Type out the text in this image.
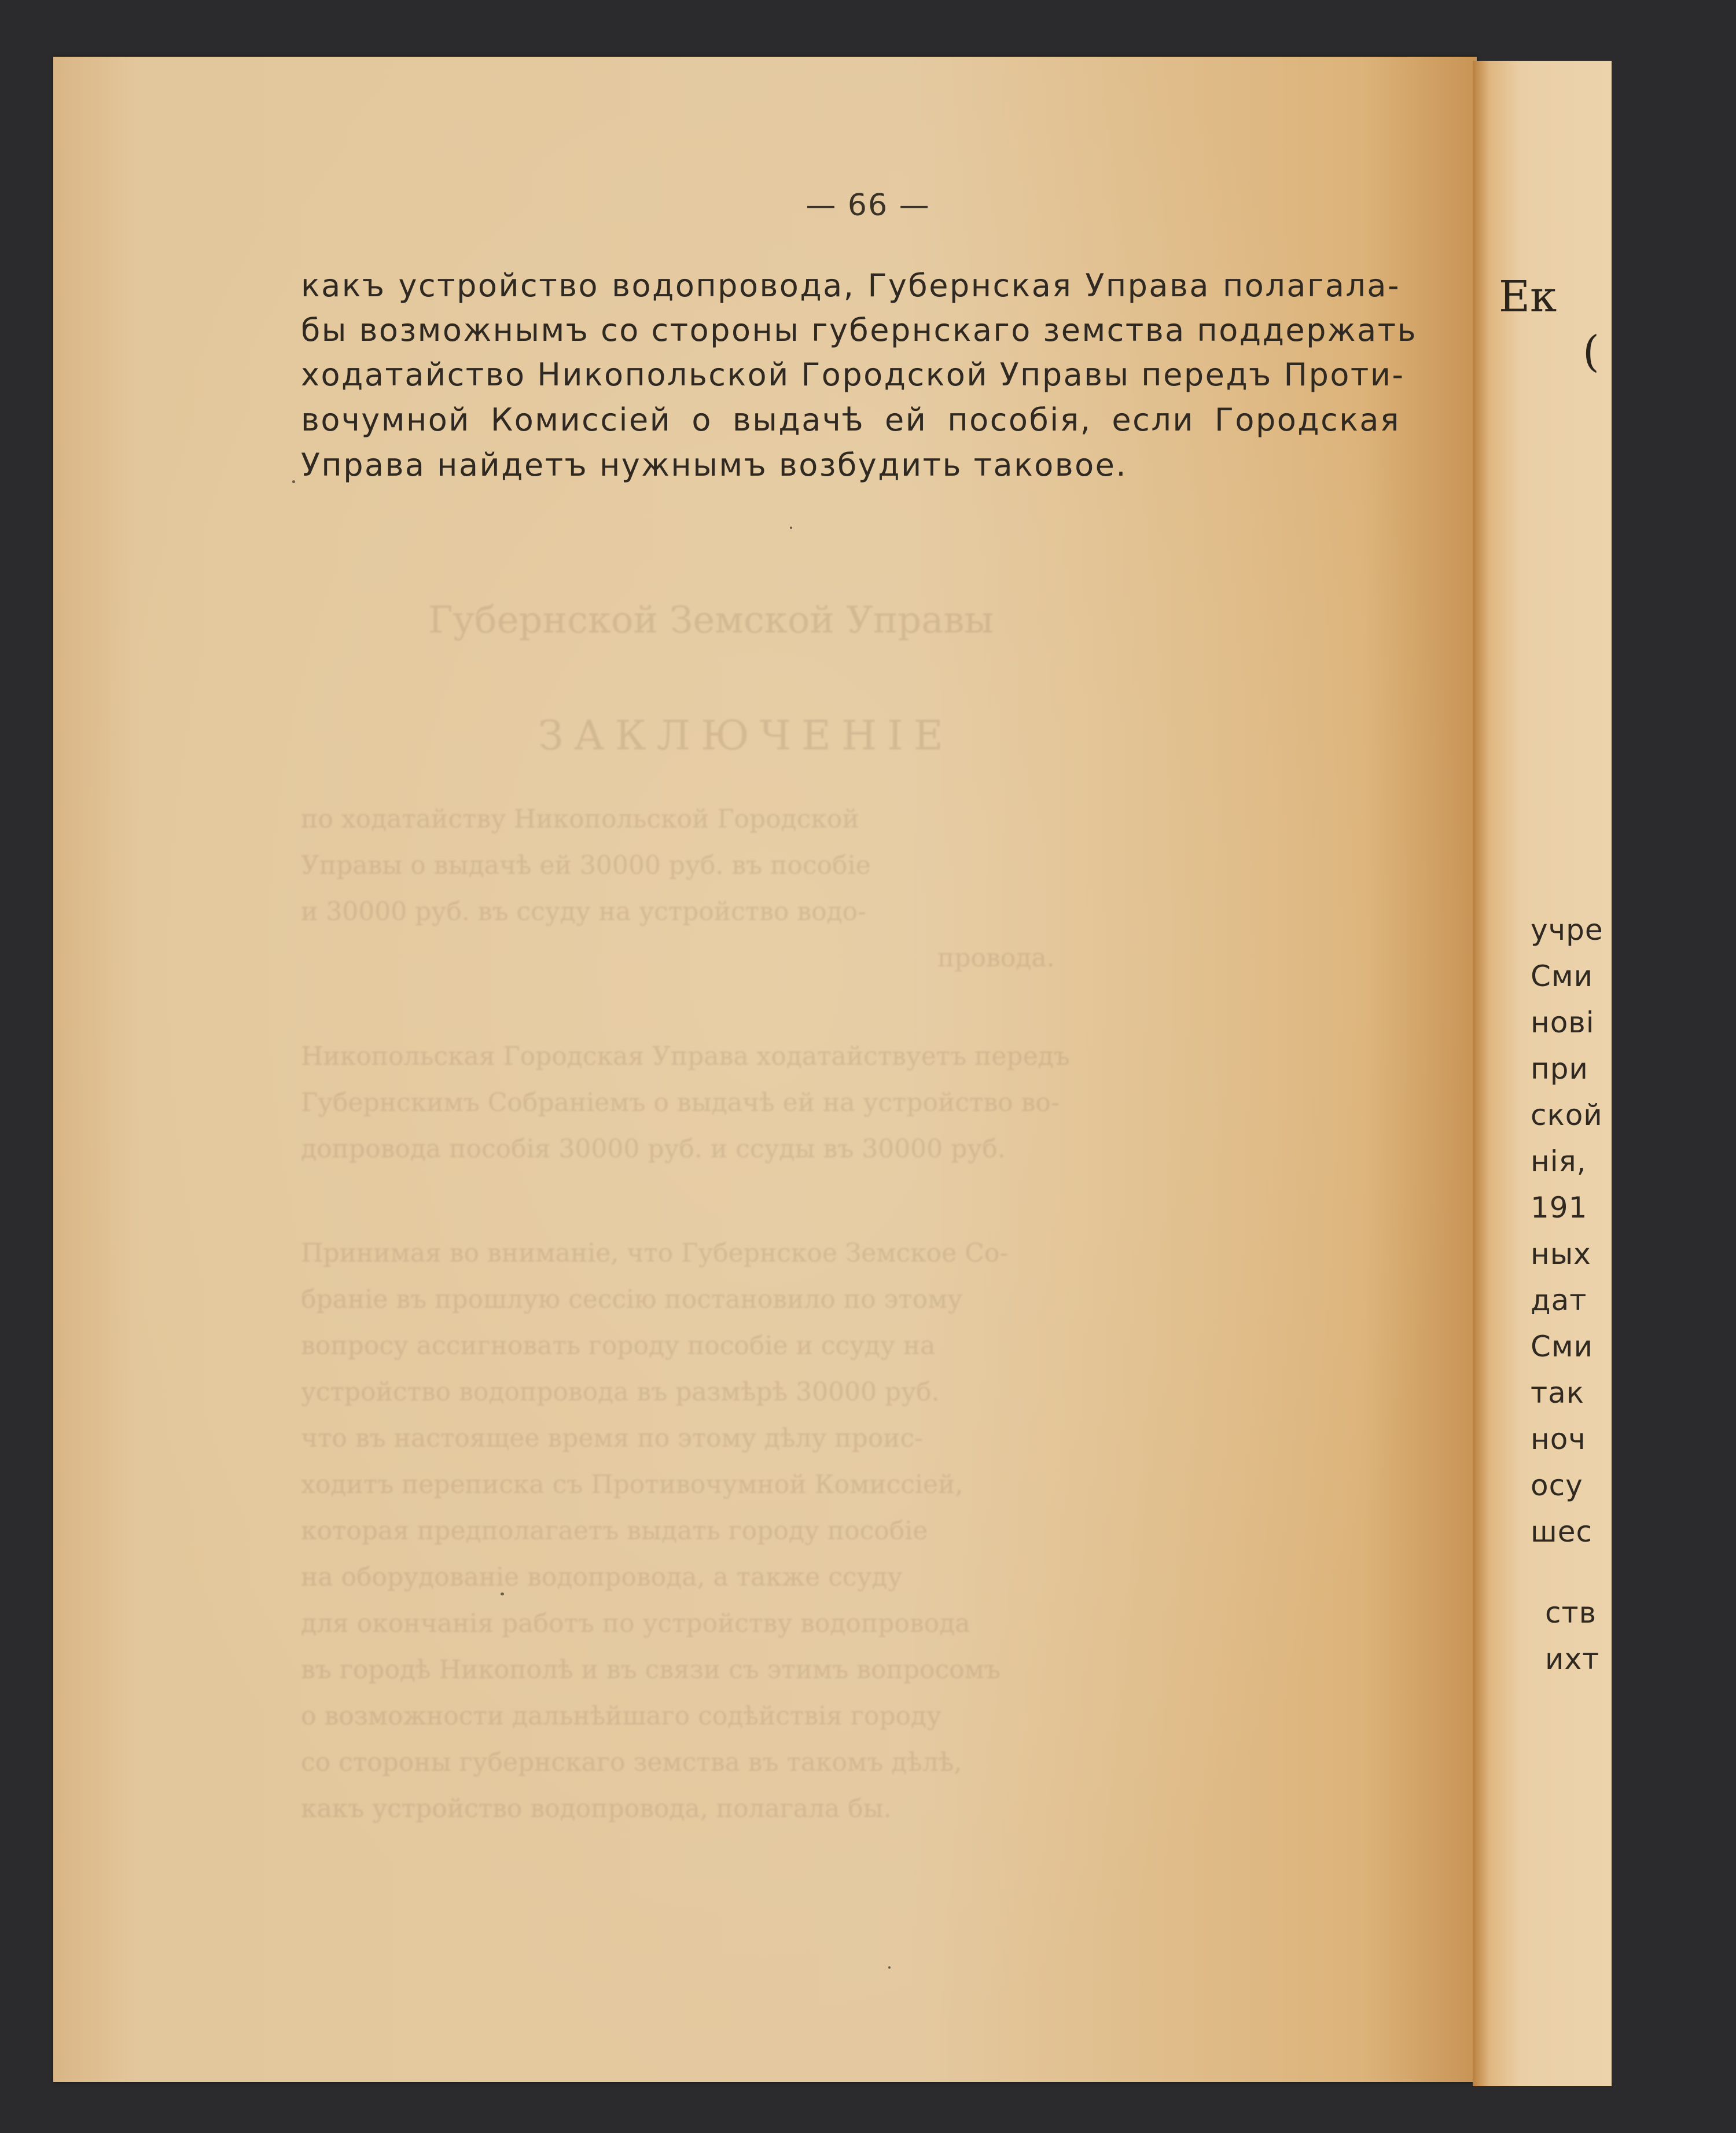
Губернской Земской Управы
ЗАКЛЮЧЕНІЕ
по ходатайству Никопольской Городской
Управы о выдачѣ ей 30000 руб. въ пособіе
и 30000 руб. въ ссуду на устройство водо-
провода.
Никопольская Городская Управа ходатайствуетъ передъ
Губернскимъ Собраніемъ о выдачѣ ей на устройство во-
допровода пособія 30000 руб. и ссуды въ 30000 руб.
Принимая во вниманіе, что Губернское Земское Со-
браніе въ прошлую сессію постановило по этому
вопросу ассигновать городу пособіе и ссуду на
устройство водопровода въ размѣрѣ 30000 руб.
что въ настоящее время по этому дѣлу проис-
ходитъ переписка съ Противочумной Комиссіей,
которая предполагаетъ выдать городу пособіе
на оборудованіе водопровода, а также ссуду
для окончанія работъ по устройству водопровода
въ городѣ Никополѣ и въ связи съ этимъ вопросомъ
о возможности дальнѣйшаго содѣйствія городу
со стороны губернскаго земства въ такомъ дѣлѣ,
какъ устройство водопровода, полагала бы.
— 66 —
какъ устройство водопровода, Губернская Управа полагала-
бы возможнымъ со стороны губернскаго земства поддержать
ходатайство Никопольской Городской Управы передъ Проти-
вочумной Комиссіей о выдачѣ ей пособія, если Городская
Управа найдетъ нужнымъ возбудить таковое.
Ек
(
учре
Сми
нові
при
ской
нія,
191
ных
дат
Сми
так
ноч
осу
шес
ств
ихт
